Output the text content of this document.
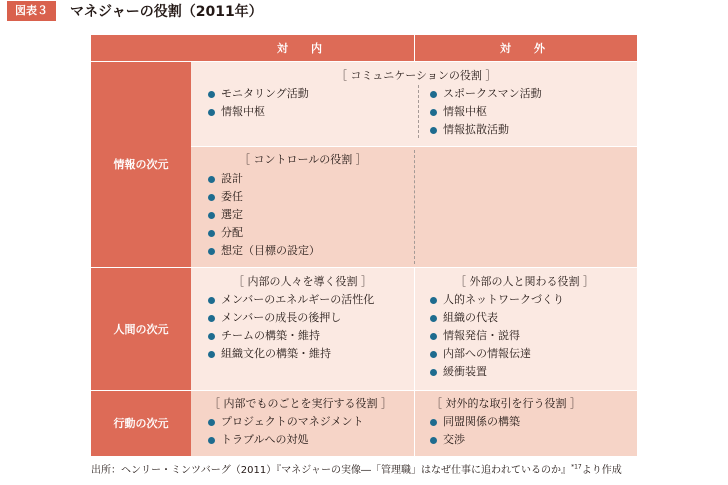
図表３	マネジャーの役割（2011年）
対　内	対　外
情報の次元
人間の次元
行動の次元
［ コミュニケーションの役割 ］
モニタリング活動
情報中枢
スポークスマン活動
情報中枢
情報拡散活動
［ コントロールの役割 ］
設計
委任
選定
分配
想定（目標の設定）
［ 内部の人々を導く役割 ］
メンバーのエネルギーの活性化
メンバーの成長の後押し
チームの構築・維持
組織文化の構築・維持
［ 外部の人と関わる役割 ］
人的ネットワークづくり
組織の代表
情報発信・説得
内部への情報伝達
緩衝装置
［ 内部でものごとを実行する役割 ］
プロジェクトのマネジメント
トラブルへの対処
［ 対外的な取引を行う役割 ］
同盟関係の構築
交渉
出所：ヘンリー・ミンツバーグ（2011）『マネジャーの実像―「管理職」はなぜ仕事に追われているのか』$^{*17}$より作成
